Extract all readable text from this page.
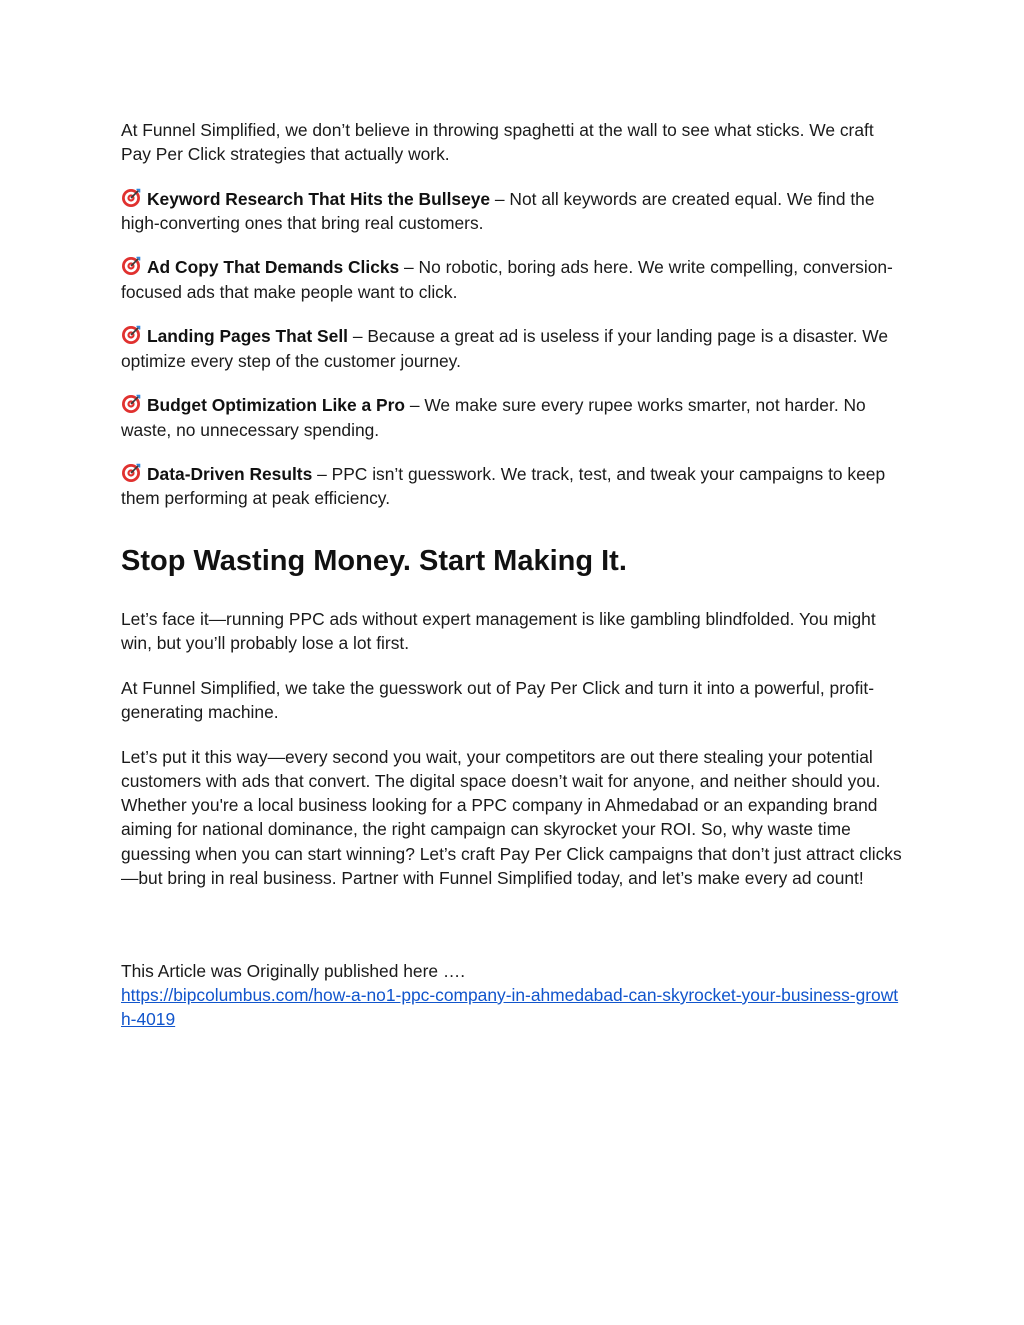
At Funnel Simplified, we don’t believe in throwing spaghetti at the wall to see what sticks. We craft Pay Per Click strategies that actually work.

Keyword Research That Hits the Bullseye – Not all keywords are created equal. We find the high-converting ones that bring real customers.

Ad Copy That Demands Clicks – No robotic, boring ads here. We write compelling, conversion-focused ads that make people want to click.

Landing Pages That Sell – Because a great ad is useless if your landing page is a disaster. We optimize every step of the customer journey.

Budget Optimization Like a Pro – We make sure every rupee works smarter, not harder. No waste, no unnecessary spending.

Data-Driven Results – PPC isn’t guesswork. We track, test, and tweak your campaigns to keep them performing at peak efficiency.

Stop Wasting Money. Start Making It.

Let’s face it—running PPC ads without expert management is like gambling blindfolded. You might win, but you’ll probably lose a lot first.

At Funnel Simplified, we take the guesswork out of Pay Per Click and turn it into a powerful, profit-generating machine.

Let’s put it this way—every second you wait, your competitors are out there stealing your potential customers with ads that convert. The digital space doesn’t wait for anyone, and neither should you. Whether you're a local business looking for a PPC company in Ahmedabad or an expanding brand aiming for national dominance, the right campaign can skyrocket your ROI. So, why waste time guessing when you can start winning? Let’s craft Pay Per Click campaigns that don’t just attract clicks—but bring in real business. Partner with Funnel Simplified today, and let’s make every ad count!

This Article was Originally published here ….
https://bipcolumbus.com/how-a-no1-ppc-company-in-ahmedabad-can-skyrocket-your-business-growth-4019
